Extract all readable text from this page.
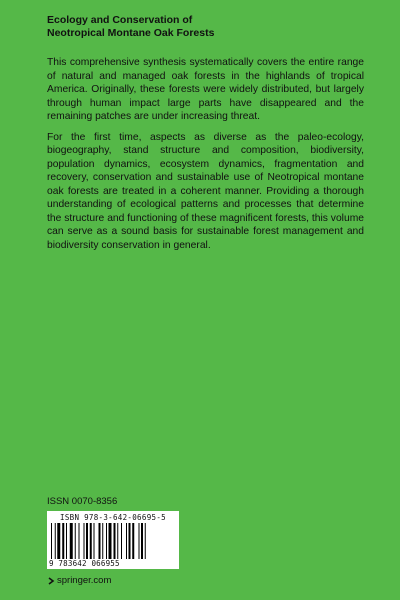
Ecology and Conservation of
Neotropical Montane Oak Forests

This comprehensive synthesis systematically covers the entire range of natural and managed oak forests in the highlands of tropical America. Originally, these forests were widely distributed, but largely through human impact large parts have disappeared and the remaining patches are under increasing threat.

For the first time, aspects as diverse as the paleo-ecology, biogeography, stand structure and composition, biodiversity, population dynamics, ecosystem dynamics, fragmentation and recovery, conservation and sustainable use of Neotropical montane oak forests are treated in a coherent manner. Providing a thorough understanding of ecological patterns and processes that determine the structure and functioning of these magnificent forests, this volume can serve as a sound basis for sustainable forest management and biodiversity conservation in general.

ISSN 0070-8356
ISBN 978-3-642-06695-5
9 783642 066955
springer.com
